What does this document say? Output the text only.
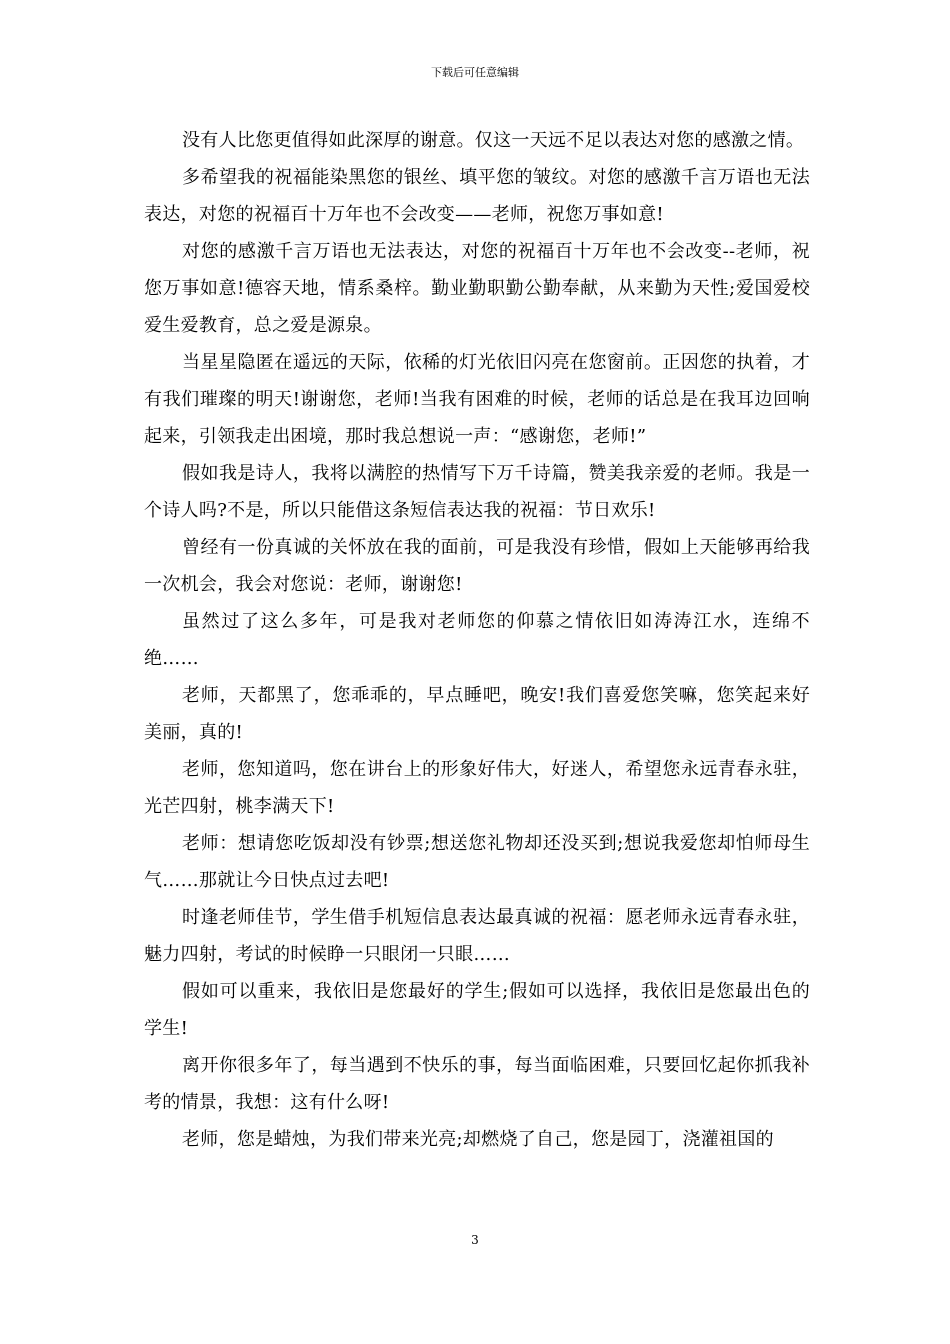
下载后可任意编辑

没有人比您更值得如此深厚的谢意。仅这一天远不足以表达对您的感激之情。

多希望我的祝福能染黑您的银丝、填平您的皱纹。对您的感激千言万语也无法表达，对您的祝福百十万年也不会改变——老师，祝您万事如意!

对您的感激千言万语也无法表达，对您的祝福百十万年也不会改变--老师，祝您万事如意!德容天地，情系桑梓。勤业勤职勤公勤奉献，从来勤为天性;爱国爱校爱生爱教育，总之爱是源泉。

当星星隐匿在遥远的天际，依稀的灯光依旧闪亮在您窗前。正因您的执着，才有我们璀璨的明天!谢谢您，老师!当我有困难的时候，老师的话总是在我耳边回响起来，引领我走出困境，那时我总想说一声：“感谢您，老师!”

假如我是诗人，我将以满腔的热情写下万千诗篇，赞美我亲爱的老师。我是一个诗人吗?不是，所以只能借这条短信表达我的祝福：节日欢乐!

曾经有一份真诚的关怀放在我的面前，可是我没有珍惜，假如上天能够再给我一次机会，我会对您说：老师，谢谢您!

虽然过了这么多年，可是我对老师您的仰慕之情依旧如涛涛江水，连绵不绝……

老师，天都黑了，您乖乖的，早点睡吧，晚安!我们喜爱您笑嘛，您笑起来好美丽，真的!

老师，您知道吗，您在讲台上的形象好伟大，好迷人，希望您永远青春永驻，光芒四射，桃李满天下!

老师：想请您吃饭却没有钞票;想送您礼物却还没买到;想说我爱您却怕师母生气……那就让今日快点过去吧!

时逢老师佳节，学生借手机短信息表达最真诚的祝福：愿老师永远青春永驻，魅力四射，考试的时候睁一只眼闭一只眼……

假如可以重来，我依旧是您最好的学生;假如可以选择，我依旧是您最出色的学生!

离开你很多年了，每当遇到不快乐的事，每当面临困难，只要回忆起你抓我补考的情景，我想：这有什么呀!

老师，您是蜡烛，为我们带来光亮;却燃烧了自己，您是园丁，浇灌祖国的

3
